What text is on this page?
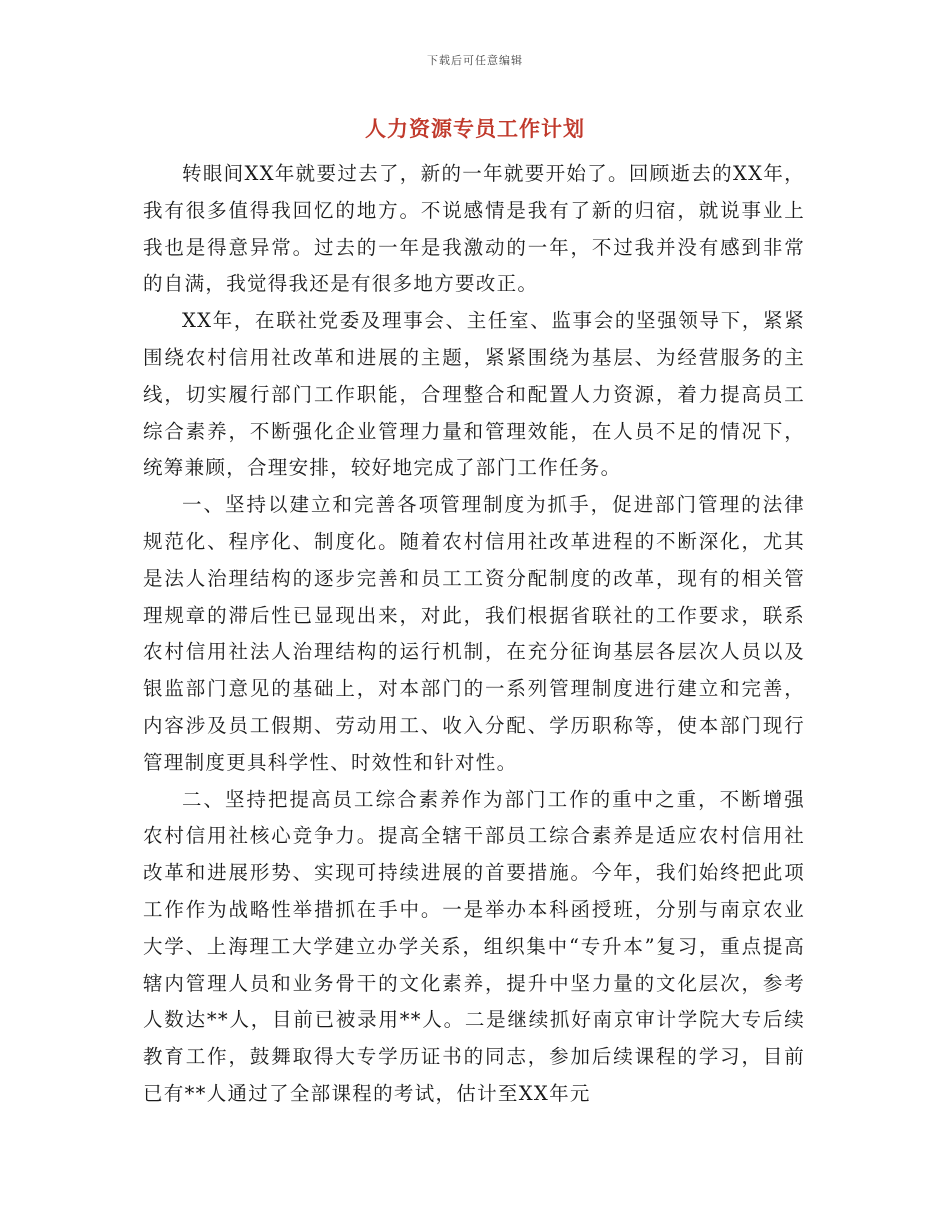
下载后可任意编辑
人力资源专员工作计划

转眼间XX年就要过去了，新的一年就要开始了。回顾逝去的XX年，我有很多值得我回忆的地方。不说感情是我有了新的归宿，就说事业上我也是得意异常。过去的一年是我激动的一年，不过我并没有感到非常的自满，我觉得我还是有很多地方要改正。

XX年，在联社党委及理事会、主任室、监事会的坚强领导下，紧紧围绕农村信用社改革和进展的主题，紧紧围绕为基层、为经营服务的主线，切实履行部门工作职能，合理整合和配置人力资源，着力提高员工综合素养，不断强化企业管理力量和管理效能，在人员不足的情况下，统筹兼顾，合理安排，较好地完成了部门工作任务。

一、坚持以建立和完善各项管理制度为抓手，促进部门管理的法律规范化、程序化、制度化。随着农村信用社改革进程的不断深化，尤其是法人治理结构的逐步完善和员工工资分配制度的改革，现有的相关管理规章的滞后性已显现出来，对此，我们根据省联社的工作要求，联系农村信用社法人治理结构的运行机制，在充分征询基层各层次人员以及银监部门意见的基础上，对本部门的一系列管理制度进行建立和完善，内容涉及员工假期、劳动用工、收入分配、学历职称等，使本部门现行管理制度更具科学性、时效性和针对性。

二、坚持把提高员工综合素养作为部门工作的重中之重，不断增强农村信用社核心竞争力。提高全辖干部员工综合素养是适应农村信用社改革和进展形势、实现可持续进展的首要措施。今年，我们始终把此项工作作为战略性举措抓在手中。一是举办本科函授班，分别与南京农业大学、上海理工大学建立办学关系，组织集中“专升本”复习，重点提高辖内管理人员和业务骨干的文化素养，提升中坚力量的文化层次，参考人数达**人，目前已被录用**人。二是继续抓好南京审计学院大专后续教育工作，鼓舞取得大专学历证书的同志，参加后续课程的学习，目前已有**人通过了全部课程的考试，估计至XX年元
